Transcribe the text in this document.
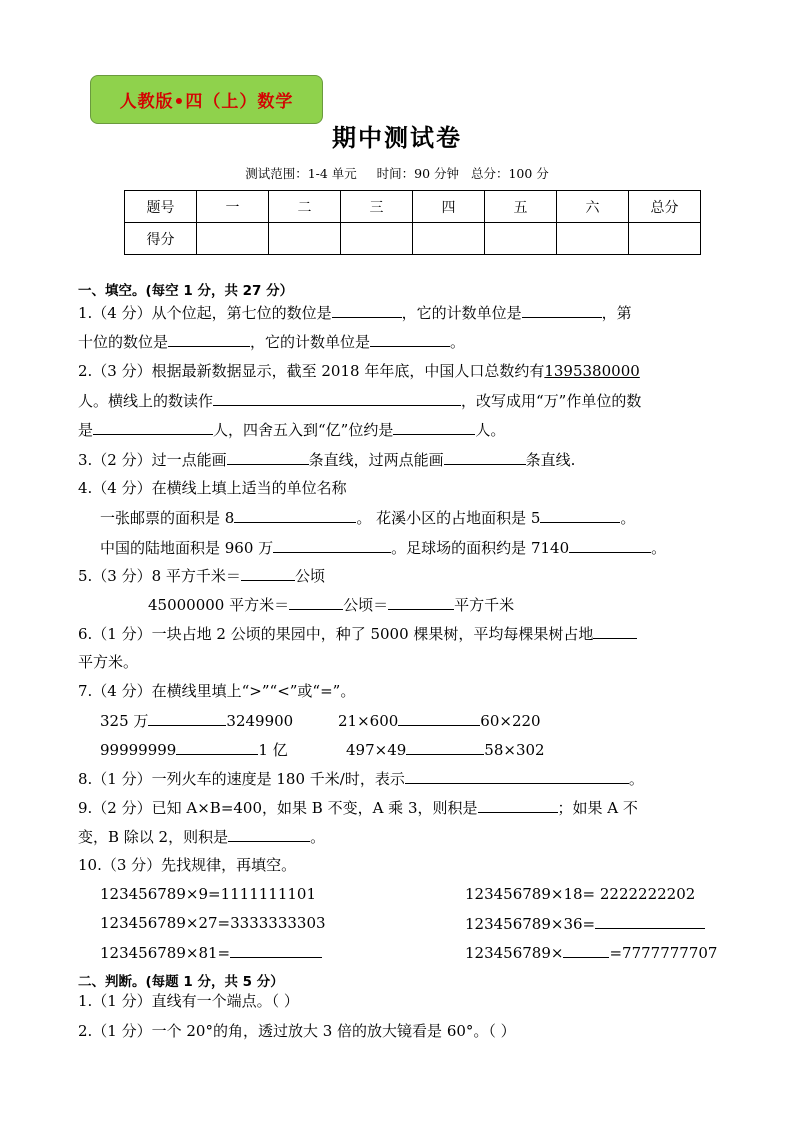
人教版•四（上）数学
期中测试卷
测试范围：1-4 单元     时间：90 分钟   总分：100 分
题号	一	二	三	四	五	六	总分
得分							
一、填空。(每空 1 分，共 27 分）
1.（4 分）从个位起，第七位的数位是	，它的计数单位是	，第
十位的数位是	，它的计数单位是	。
2.（3 分）根据最新数据显示，截至 2018 年年底，中国人口总数约有1395380000
人。横线上的数读作	，改写成用“万”作单位的数
是	人，四舍五入到“亿”位约是	人。
3.（2 分）过一点能画	条直线，过两点能画	条直线.
4.（4 分）在横线上填上适当的单位名称
一张邮票的面积是 8	。 花溪小区的占地面积是 5	。
中国的陆地面积是 960 万	。足球场的面积约是 7140	。
5.（3 分）8 平方千米＝	公顷
45000000 平方米＝	公顷＝	平方千米
6.（1 分）一块占地 2 公顷的果园中，种了 5000 棵果树，平均每棵果树占地
平方米。
7.（4 分）在横线里填上“>”“<”或“=”。
325 万	3249900	21×600	60×220
99999999	1 亿	497×49	58×302
8.（1 分）一列火车的速度是 180 千米/时，表示	。
9.（2 分）已知 A×B=400，如果 B 不变，A 乘 3，则积是	；如果 A 不
变，B 除以 2，则积是	。
10.（3 分）先找规律，再填空。
123456789×9=1111111101	123456789×18= 2222222202
123456789×27=3333333303	123456789×36=
123456789×81=	123456789×	=7777777707
二、判断。(每题 1 分，共 5 分）
1.（1 分）直线有一个端点。（ ）
2.（1 分）一个 20°的角，透过放大 3 倍的放大镜看是 60°。（ ）
